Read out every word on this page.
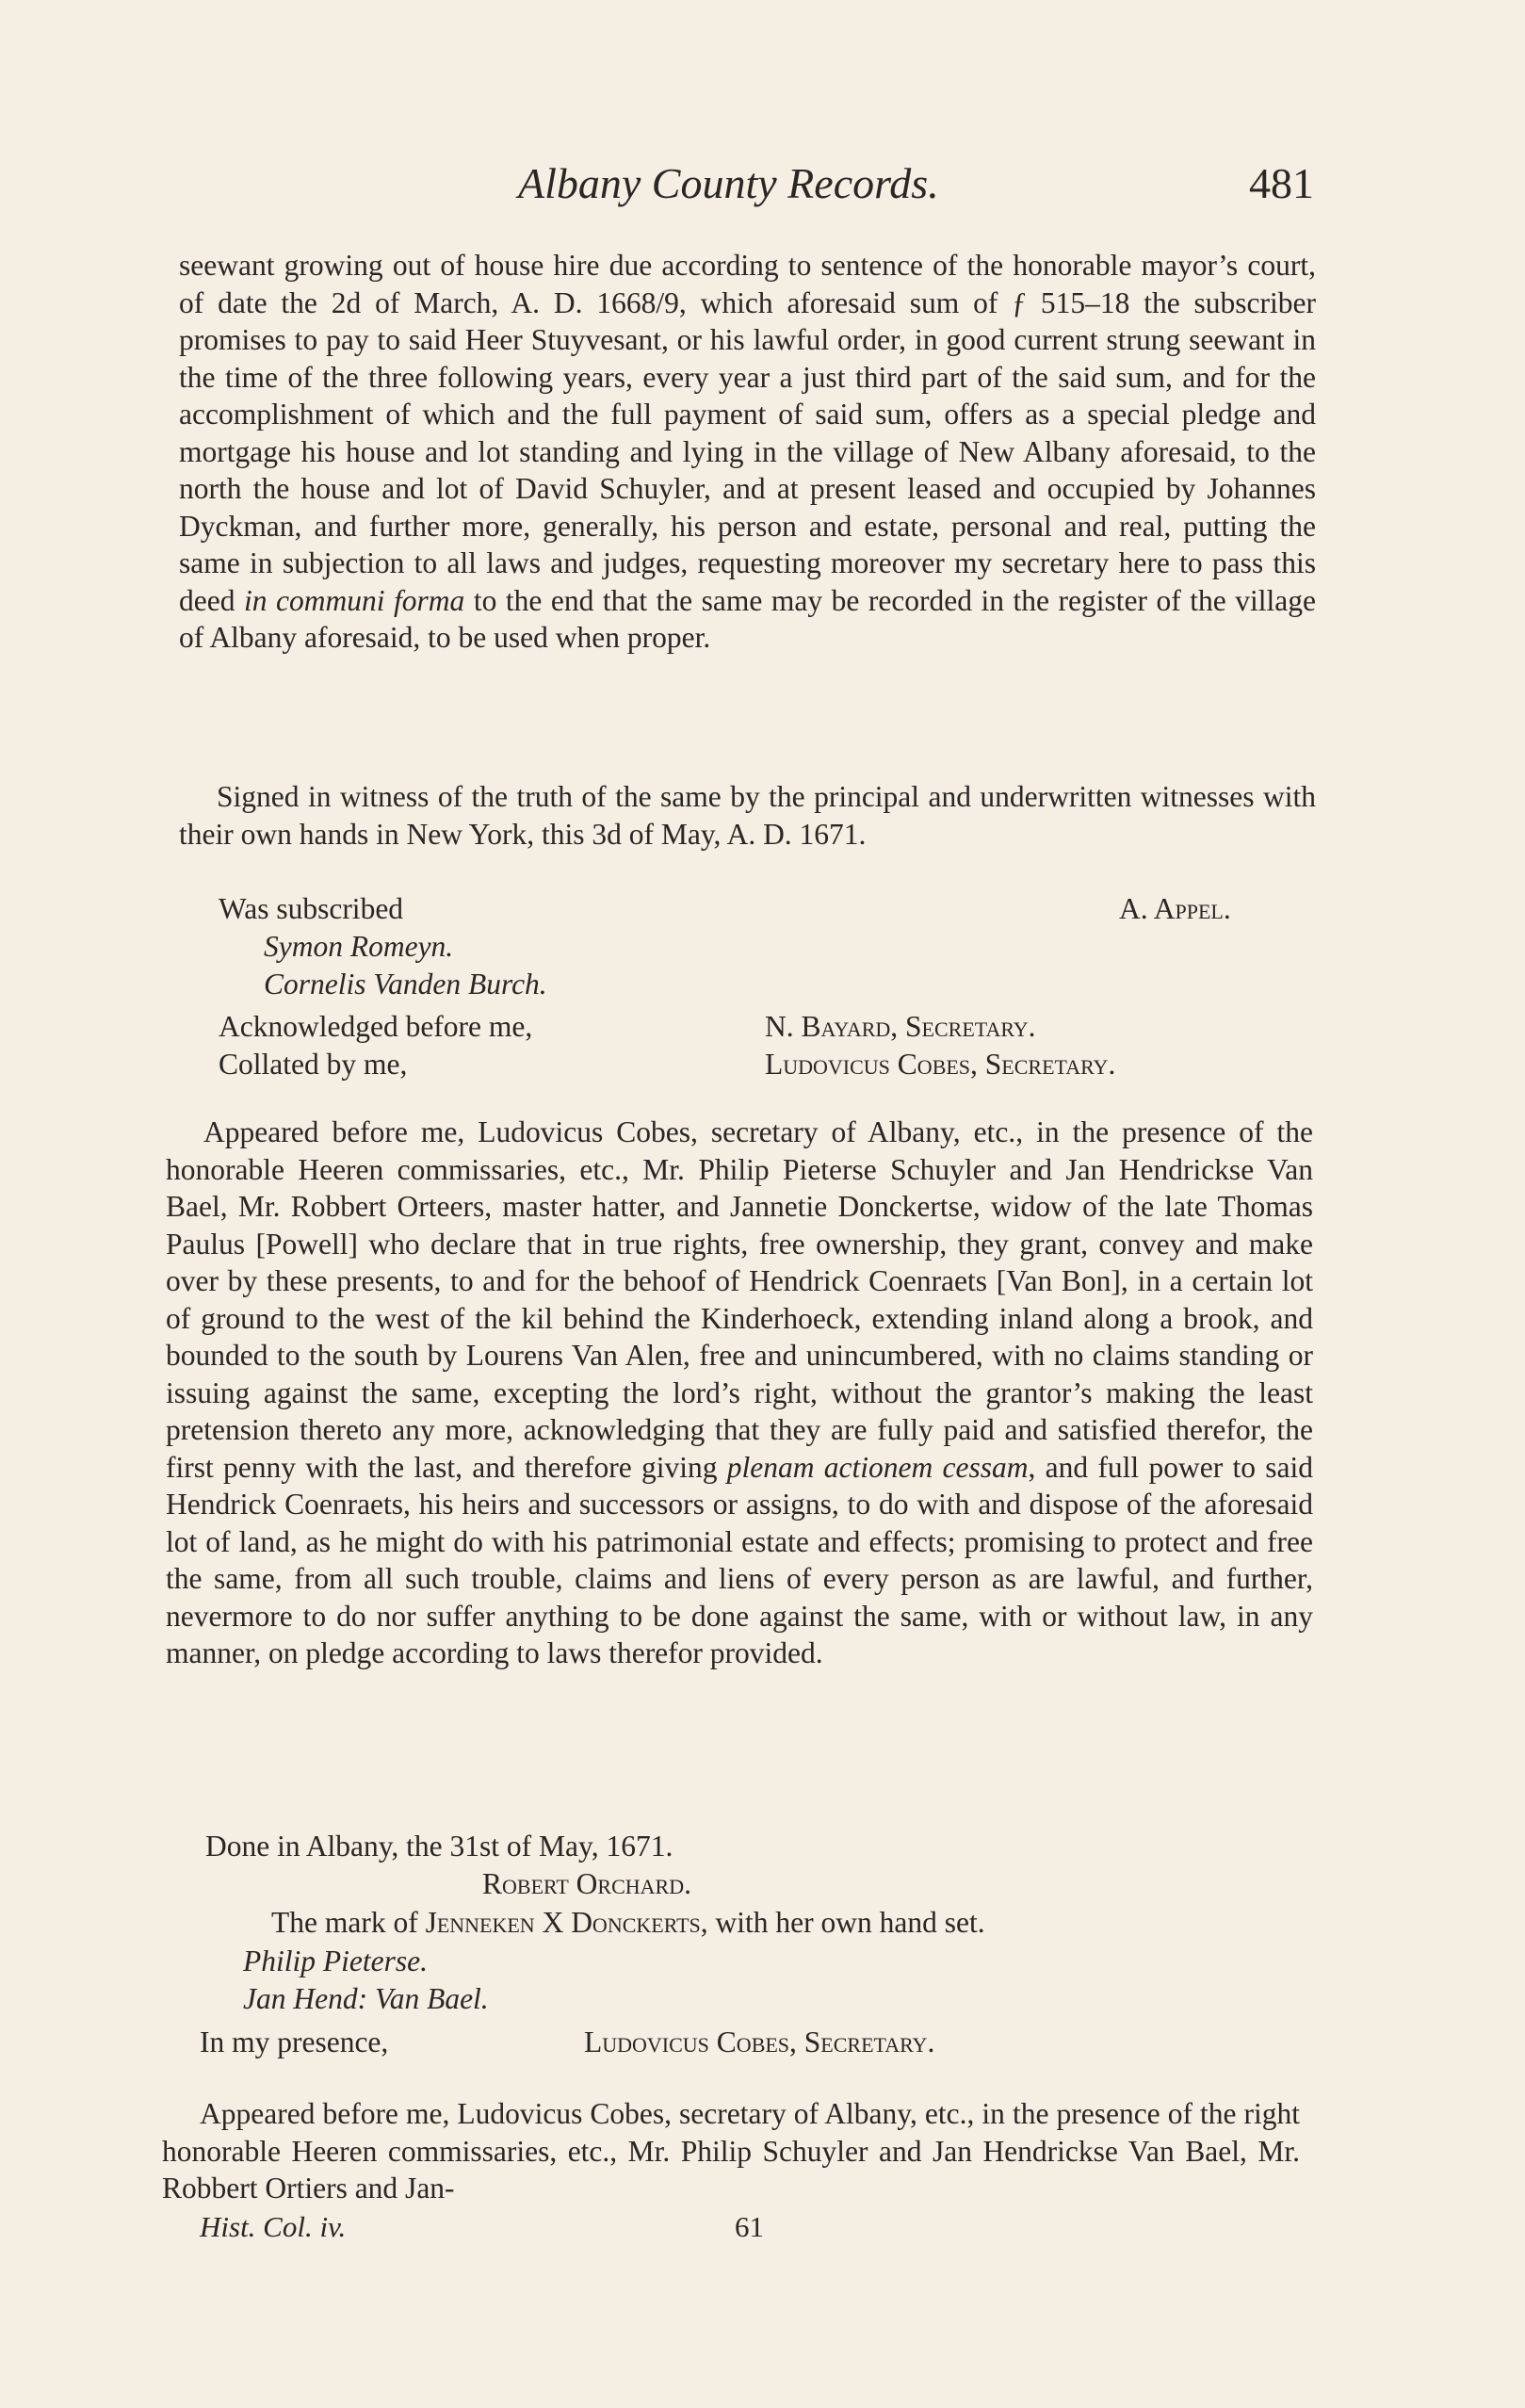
Albany County Records.	481

seewant growing out of house hire due according to sentence of the honorable mayor’s court, of date the 2d of March, A. D. 1668/9, which aforesaid sum of ƒ 515–18 the subscriber promises to pay to said Heer Stuyvesant, or his lawful order, in good current strung seewant in the time of the three following years, every year a just third part of the said sum, and for the accomplishment of which and the full payment of said sum, offers as a special pledge and mortgage his house and lot standing and lying in the village of New Albany aforesaid, to the north the house and lot of David Schuyler, and at present leased and occupied by Johannes Dyckman, and further more, generally, his person and estate, personal and real, putting the same in subjection to all laws and judges, requesting moreover my secretary here to pass this deed in communi forma to the end that the same may be recorded in the register of the village of Albany aforesaid, to be used when proper.

Signed in witness of the truth of the same by the principal and underwritten witnesses with their own hands in New York, this 3d of May, A. D. 1671.

Was subscribed	A. Appel.
Symon Romeyn.
Cornelis Vanden Burch.
Acknowledged before me,	N. Bayard, Secretary.
Collated by me,	Ludovicus Cobes, Secretary.

Appeared before me, Ludovicus Cobes, secretary of Albany, etc., in the presence of the honorable Heeren commissaries, etc., Mr. Philip Pieterse Schuyler and Jan Hendrickse Van Bael, Mr. Robbert Orteers, master hatter, and Jannetie Donckertse, widow of the late Thomas Paulus [Powell] who declare that in true rights, free ownership, they grant, convey and make over by these presents, to and for the behoof of Hendrick Coenraets [Van Bon], in a certain lot of ground to the west of the kil behind the Kinderhoeck, extending inland along a brook, and bounded to the south by Lourens Van Alen, free and unincumbered, with no claims standing or issuing against the same, excepting the lord’s right, without the grantor’s making the least pretension thereto any more, acknowledging that they are fully paid and satisfied therefor, the first penny with the last, and therefore giving plenam actionem cessam, and full power to said Hendrick Coenraets, his heirs and successors or assigns, to do with and dispose of the aforesaid lot of land, as he might do with his patrimonial estate and effects; promising to protect and free the same, from all such trouble, claims and liens of every person as are lawful, and further, nevermore to do nor suffer anything to be done against the same, with or without law, in any manner, on pledge according to laws therefor provided.

Done in Albany, the 31st of May, 1671.
Robert Orchard.
The mark of Jenneken X Donckerts, with her own hand set.
Philip Pieterse.
Jan Hend: Van Bael.
In my presence,	Ludovicus Cobes, Secretary.

Appeared before me, Ludovicus Cobes, secretary of Albany, etc., in the presence of the right honorable Heeren commissaries, etc., Mr. Philip Schuyler and Jan Hendrickse Van Bael, Mr. Robbert Ortiers and Jan-

Hist. Col. iv.	61
